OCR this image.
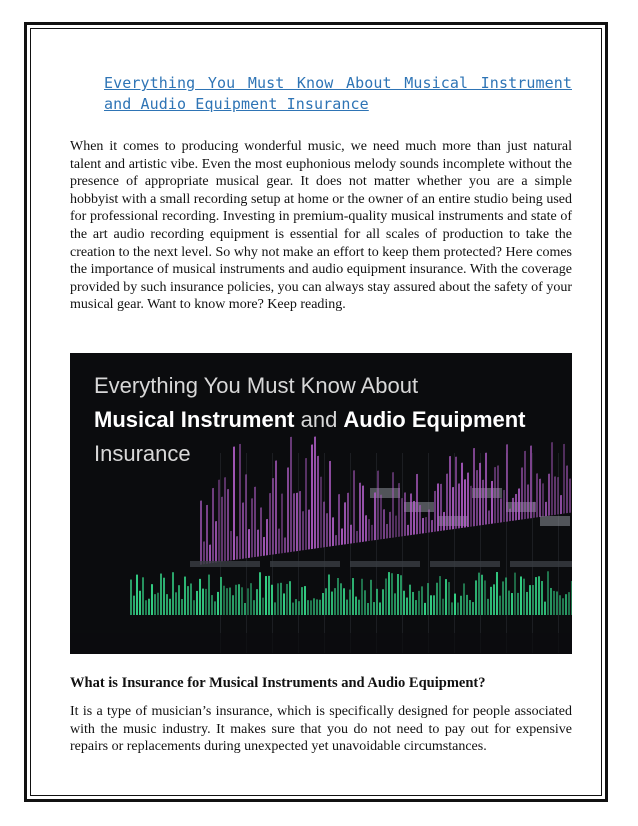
Everything You Must Know About Musical Instrument and Audio Equipment Insurance

When it comes to producing wonderful music, we need much more than just natural talent and artistic vibe. Even the most euphonious melody sounds incomplete without the presence of appropriate musical gear. It does not matter whether you are a simple hobbyist with a small recording setup at home or the owner of an entire studio being used for professional recording. Investing in premium-quality musical instruments and state of the art audio recording equipment is essential for all scales of production to take the creation to the next level. So why not make an effort to keep them protected? Here comes the importance of musical instruments and audio equipment insurance. With the coverage provided by such insurance policies, you can always stay assured about the safety of your musical gear. Want to know more? Keep reading.

Everything You Must Know About
Musical Instrument and Audio Equipment
Insurance
What is Insurance for Musical Instruments and Audio Equipment?

It is a type of musician’s insurance, which is specifically designed for people associated with the music industry. It makes sure that you do not need to pay out for expensive repairs or replacements during unexpected yet unavoidable circumstances.
